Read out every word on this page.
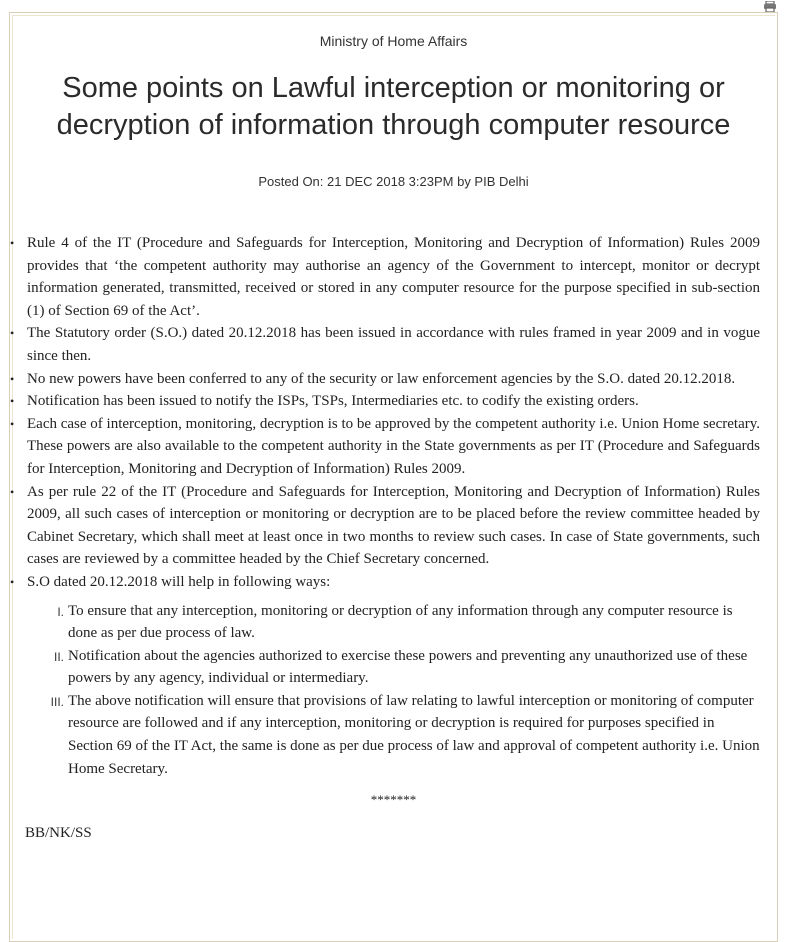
Ministry of Home Affairs
Some points on Lawful interception or monitoring or decryption of information through computer resource
Posted On: 21 DEC 2018 3:23PM by PIB Delhi
• Rule 4 of the IT (Procedure and Safeguards for Interception, Monitoring and Decryption of Information) Rules 2009 provides that ‘the competent authority may authorise an agency of the Government to intercept, monitor or decrypt information generated, transmitted, received or stored in any computer resource for the purpose specified in sub-section (1) of Section 69 of the Act’.
• The Statutory order (S.O.) dated 20.12.2018 has been issued in accordance with rules framed in year 2009 and in vogue since then.
• No new powers have been conferred to any of the security or law enforcement agencies by the S.O. dated 20.12.2018.
• Notification has been issued to notify the ISPs, TSPs, Intermediaries etc. to codify the existing orders.
• Each case of interception, monitoring, decryption is to be approved by the competent authority i.e. Union Home secretary. These powers are also available to the competent authority in the State governments as per IT (Procedure and Safeguards for Interception, Monitoring and Decryption of Information) Rules 2009.
• As per rule 22 of the IT (Procedure and Safeguards for Interception, Monitoring and Decryption of Information) Rules 2009, all such cases of interception or monitoring or decryption are to be placed before the review committee headed by Cabinet Secretary, which shall meet at least once in two months to review such cases. In case of State governments, such cases are reviewed by a committee headed by the Chief Secretary concerned.
• S.O dated 20.12.2018 will help in following ways:
I. To ensure that any interception, monitoring or decryption of any information through any computer resource is done as per due process of law.
II. Notification about the agencies authorized to exercise these powers and preventing any unauthorized use of these powers by any agency, individual or intermediary.
III. The above notification will ensure that provisions of law relating to lawful interception or monitoring of computer resource are followed and if any interception, monitoring or decryption is required for purposes specified in Section 69 of the IT Act, the same is done as per due process of law and approval of competent authority i.e. Union Home Secretary.
*******
BB/NK/SS
